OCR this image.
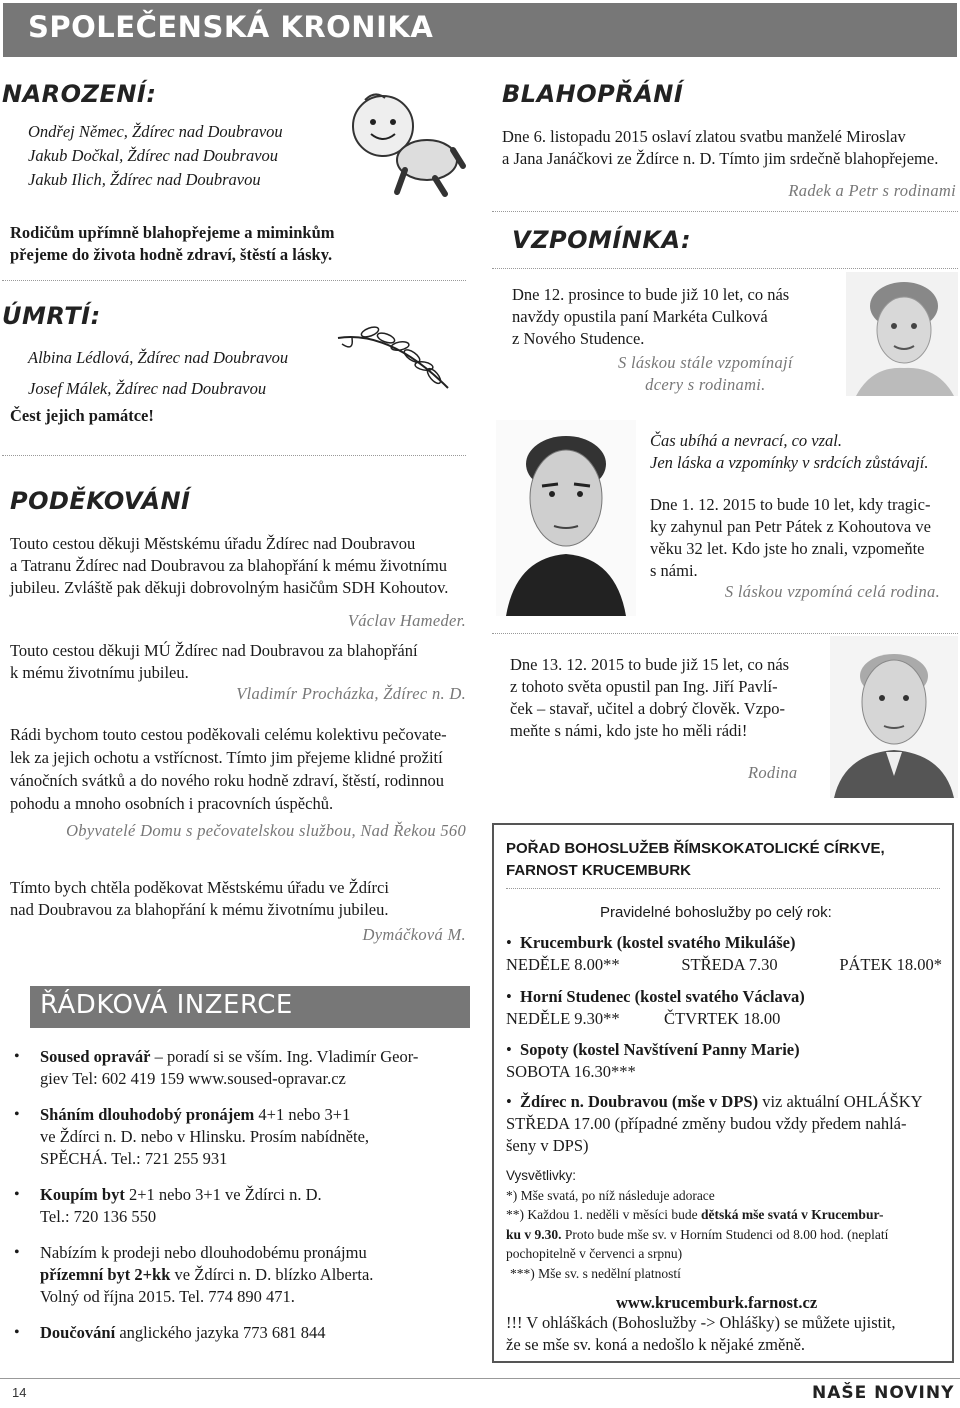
SPOLEČENSKÁ KRONIKA
NAROZENÍ:
Ondřej Němec, Ždírec nad Doubravou
Jakub Dočkal, Ždírec nad Doubravou
Jakub Ilich, Ždírec nad Doubravou
Rodičům upřímně blahopřejeme a miminkům
přejeme do života hodně zdraví, štěstí a lásky.
ÚMRTÍ:
Albina Lédlová, Ždírec nad Doubravou
Josef Málek, Ždírec nad Doubravou
Čest jejich památce!
PODĚKOVÁNÍ
Touto cestou děkuji Městskému úřadu Ždírec nad Doubravou
a Tatranu Ždírec nad Doubravou za blahopřání k mému životnímu
jubileu. Zvláště pak děkuji dobrovolným hasičům SDH Kohoutov.
Václav Hameder.
Touto cestou děkuji MÚ Ždírec nad Doubravou za blahopřání
k mému životnímu jubileu.
Vladimír Procházka, Ždírec n. D.
Rádi bychom touto cestou poděkovali celému kolektivu pečovate-
lek za jejich ochotu a vstřícnost. Tímto jim přejeme klidné prožití
vánočních svátků a do nového roku hodně zdraví, štěstí, rodinnou
pohodu a mnoho osobních i pracovních úspěchů.
Obyvatelé Domu s pečovatelskou službou, Nad Řekou 560
Tímto bych chtěla poděkovat Městskému úřadu ve Ždírci
nad Doubravou za blahopřání k mému životnímu jubileu.
Dymáčková M.
ŘÁDKOVÁ INZERCE
• Soused opravář – poradí si se vším. Ing. Vladimír Geor-
giev Tel: 602 419 159 www.soused-opravar.cz
• Sháním dlouhodobý pronájem 4+1 nebo 3+1
ve Ždírci n. D. nebo v Hlinsku. Prosím nabídněte,
SPĚCHÁ. Tel.: 721 255 931
• Koupím byt 2+1 nebo 3+1 ve Ždírci n. D.
Tel.: 720 136 550
• Nabízím k prodeji nebo dlouhodobému pronájmu
přízemní byt 2+kk ve Ždírci n. D. blízko Alberta.
Volný od října 2015. Tel. 774 890 471.
• Doučování anglického jazyka 773 681 844
BLAHOPŘÁNÍ
Dne 6. listopadu 2015 oslaví zlatou svatbu manželé Miroslav
a Jana Janáčkovi ze Ždírce n. D. Tímto jim srdečně blahopřejeme.
Radek a Petr s rodinami
VZPOMÍNKA:
Dne 12. prosince to bude již 10 let, co nás
navždy opustila paní Markéta Culková
z Nového Studence.
S láskou stále vzpomínají
dcery s rodinami.
Čas ubíhá a nevrací, co vzal.
Jen láska a vzpomínky v srdcích zůstávají.
Dne 1. 12. 2015 to bude 10 let, kdy tragic-
ky zahynul pan Petr Pátek z Kohoutova ve
věku 32 let. Kdo jste ho znali, vzpomeňte
s námi.
S láskou vzpomíná celá rodina.
Dne 13. 12. 2015 to bude již 15 let, co nás
z tohoto světa opustil pan Ing. Jiří Pavlí-
ček – stavař, učitel a dobrý člověk. Vzpo-
meňte s námi, kdo jste ho měli rádi!
Rodina
POŘAD BOHOSLUŽEB ŘÍMSKOKATOLICKÉ CÍRKVE,
FARNOST KRUCEMBURK
Pravidelné bohoslužby po celý rok:
•  Krucemburk (kostel svatého Mikuláše)
NEDĚLE 8.00**	STŘEDA 7.30	PÁTEK 18.00*
•  Horní Studenec (kostel svatého Václava)
NEDĚLE 9.30**	ČTVRTEK 18.00
•  Sopoty (kostel Navštívení Panny Marie)
SOBOTA 16.30***
•  Ždírec n. Doubravou (mše v DPS) viz aktuální OHLÁŠKY
STŘEDA 17.00 (případné změny budou vždy předem nahlá-
šeny v DPS)
Vysvětlivky:
*) Mše svatá, po níž následuje adorace
**) Každou 1. neděli v měsíci bude dětská mše svatá v Krucembur-
ku v 9.30. Proto bude mše sv. v Horním Studenci od 8.00 hod. (neplatí
pochopitelně v červenci a srpnu)
***) Mše sv. s nedělní platností
www.krucemburk.farnost.cz
!!! V ohláškách (Bohoslužby -> Ohlášky) se můžete ujistit,
že se mše sv. koná a nedošlo k nějaké změně.
14	NAŠE NOVINY
